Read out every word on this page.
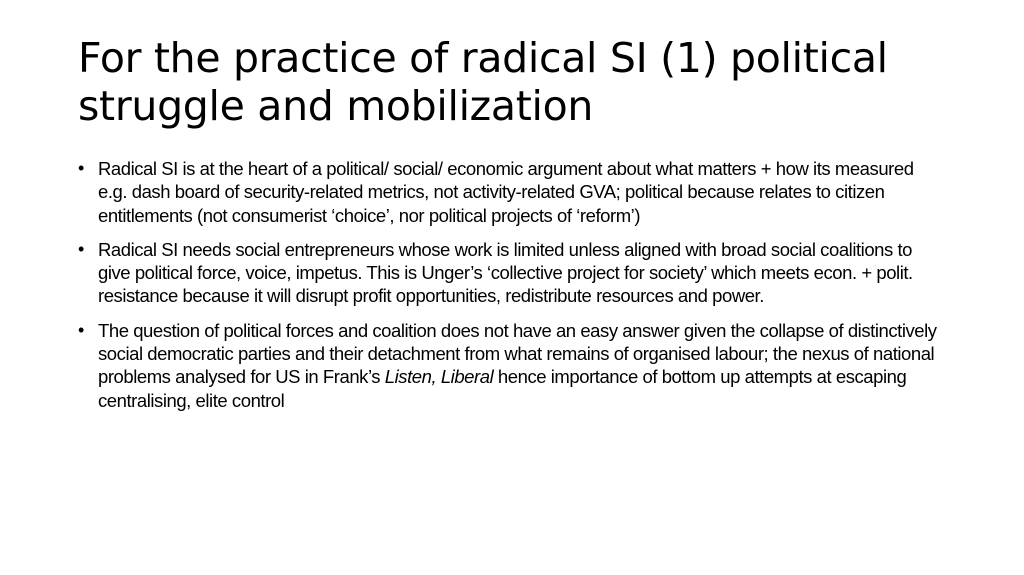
For the practice of radical SI (1) political struggle and mobilization
• Radical SI is at the heart of a political/ social/ economic argument about what matters + how its measured e.g. dash board of security-related metrics, not activity-related GVA; political because relates to citizen entitlements (not consumerist ‘choice’, nor political projects of ‘reform’)
• Radical SI needs social entrepreneurs whose work is limited unless aligned with broad social coalitions to give political force, voice, impetus. This is Unger’s ‘collective project for society’ which meets econ. + polit. resistance because it will disrupt profit opportunities, redistribute resources and power.
• The question of political forces and coalition does not have an easy answer given the collapse of distinctively social democratic parties and their detachment from what remains of organised labour; the nexus of national problems analysed for US in Frank’s Listen, Liberal hence importance of bottom up attempts at escaping centralising, elite control
